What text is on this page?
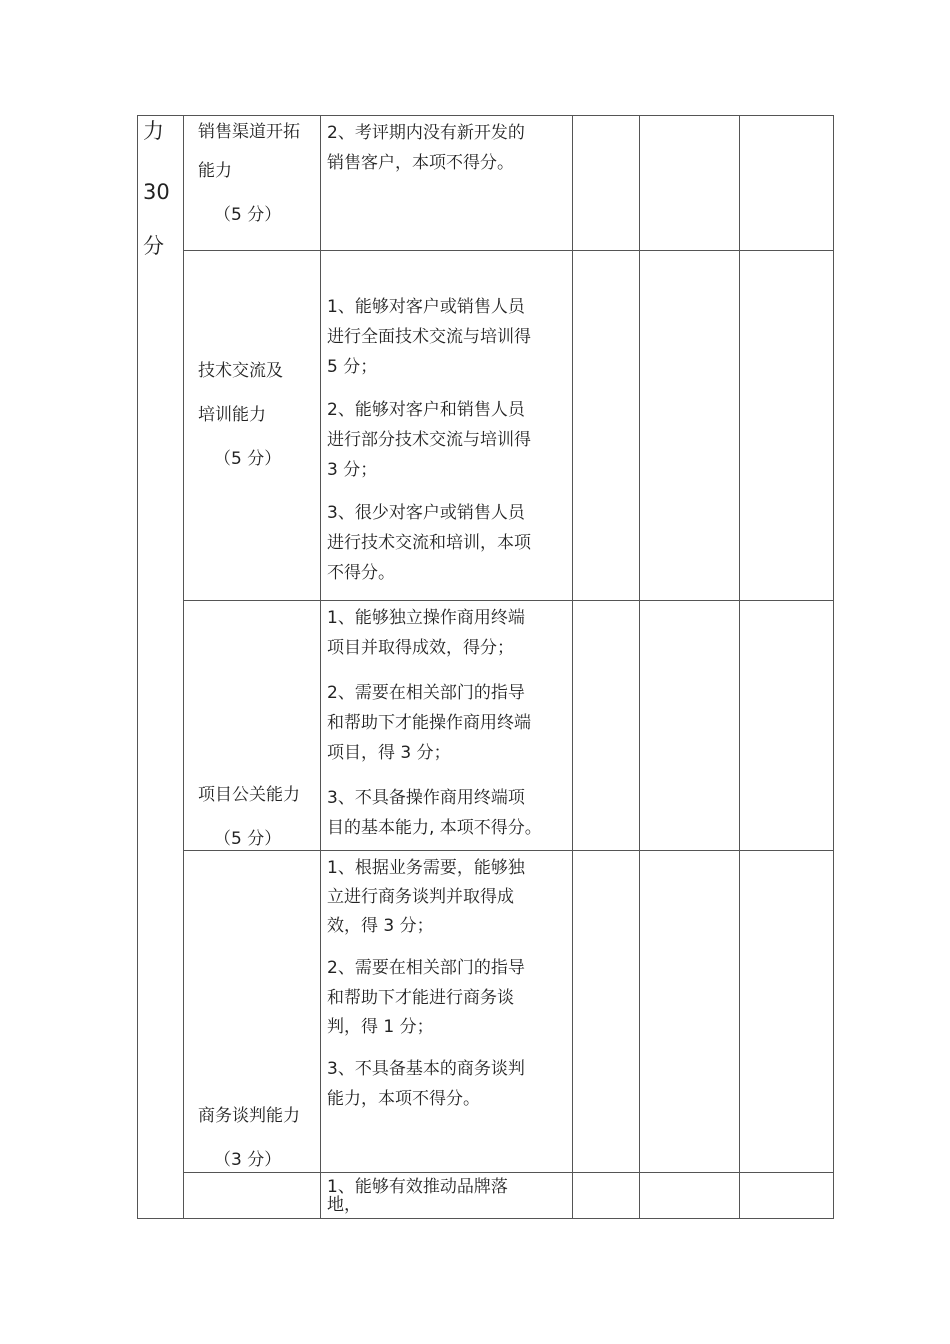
力
30
分
销售渠道开拓
能力
（5 分）
2、考评期内没有新开发的
销售客户，本项不得分。
技术交流及
培训能力
（5 分）
1、能够对客户或销售人员
进行全面技术交流与培训得
5 分；
2、能够对客户和销售人员
进行部分技术交流与培训得
3 分；
3、很少对客户或销售人员
进行技术交流和培训，本项
不得分。
项目公关能力
（5 分）
1、能够独立操作商用终端
项目并取得成效，得分；
2、需要在相关部门的指导
和帮助下才能操作商用终端
项目，得 3 分；
3、不具备操作商用终端项
目的基本能力, 本项不得分。
商务谈判能力
（3 分）
1、根据业务需要，能够独
立进行商务谈判并取得成
效，得 3 分；
2、需要在相关部门的指导
和帮助下才能进行商务谈
判，得 1 分；
3、不具备基本的商务谈判
能力，本项不得分。
1、能够有效推动品牌落
地，
